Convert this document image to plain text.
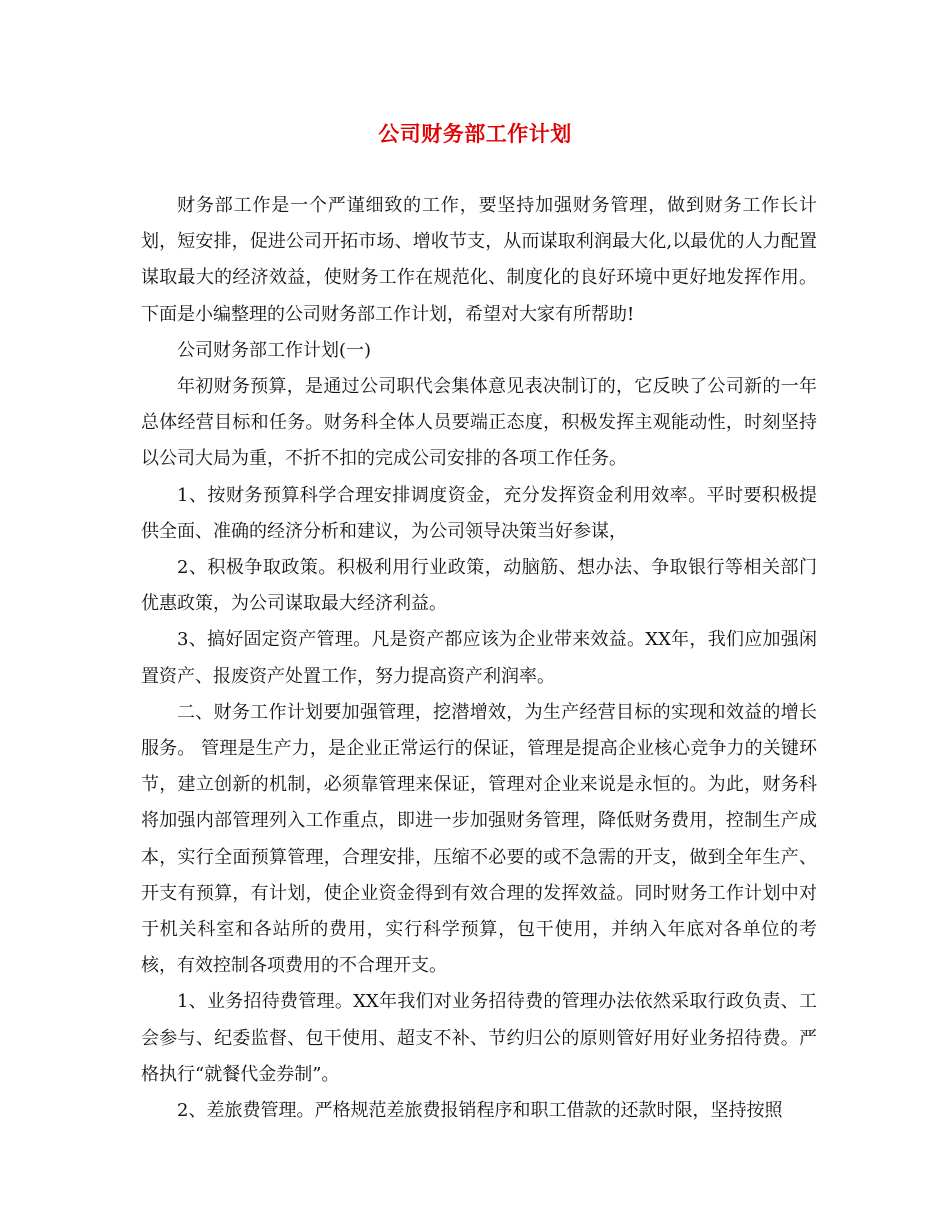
公司财务部工作计划

财务部工作是一个严谨细致的工作，要坚持加强财务管理，做到财务工作长计划，短安排，促进公司开拓市场、增收节支，从而谋取利润最大化,以最优的人力配置谋取最大的经济效益，使财务工作在规范化、制度化的良好环境中更好地发挥作用。下面是小编整理的公司财务部工作计划，希望对大家有所帮助!

公司财务部工作计划(一)

年初财务预算，是通过公司职代会集体意见表决制订的，它反映了公司新的一年总体经营目标和任务。财务科全体人员要端正态度，积极发挥主观能动性，时刻坚持以公司大局为重，不折不扣的完成公司安排的各项工作任务。

1、按财务预算科学合理安排调度资金，充分发挥资金利用效率。平时要积极提供全面、准确的经济分析和建议，为公司领导决策当好参谋，

2、积极争取政策。积极利用行业政策，动脑筋、想办法、争取银行等相关部门优惠政策，为公司谋取最大经济利益。

3、搞好固定资产管理。凡是资产都应该为企业带来效益。XX年，我们应加强闲置资产、报废资产处置工作，努力提高资产利润率。

二、财务工作计划要加强管理，挖潜增效，为生产经营目标的实现和效益的增长服务。 管理是生产力，是企业正常运行的保证，管理是提高企业核心竞争力的关键环节，建立创新的机制，必须靠管理来保证，管理对企业来说是永恒的。为此，财务科将加强内部管理列入工作重点，即进一步加强财务管理，降低财务费用，控制生产成本，实行全面预算管理，合理安排，压缩不必要的或不急需的开支，做到全年生产、开支有预算，有计划，使企业资金得到有效合理的发挥效益。同时财务工作计划中对于机关科室和各站所的费用，实行科学预算，包干使用，并纳入年底对各单位的考核，有效控制各项费用的不合理开支。

1、业务招待费管理。XX年我们对业务招待费的管理办法依然采取行政负责、工会参与、纪委监督、包干使用、超支不补、节约归公的原则管好用好业务招待费。严格执行“就餐代金券制”。

2、差旅费管理。严格规范差旅费报销程序和职工借款的还款时限，坚持按照
